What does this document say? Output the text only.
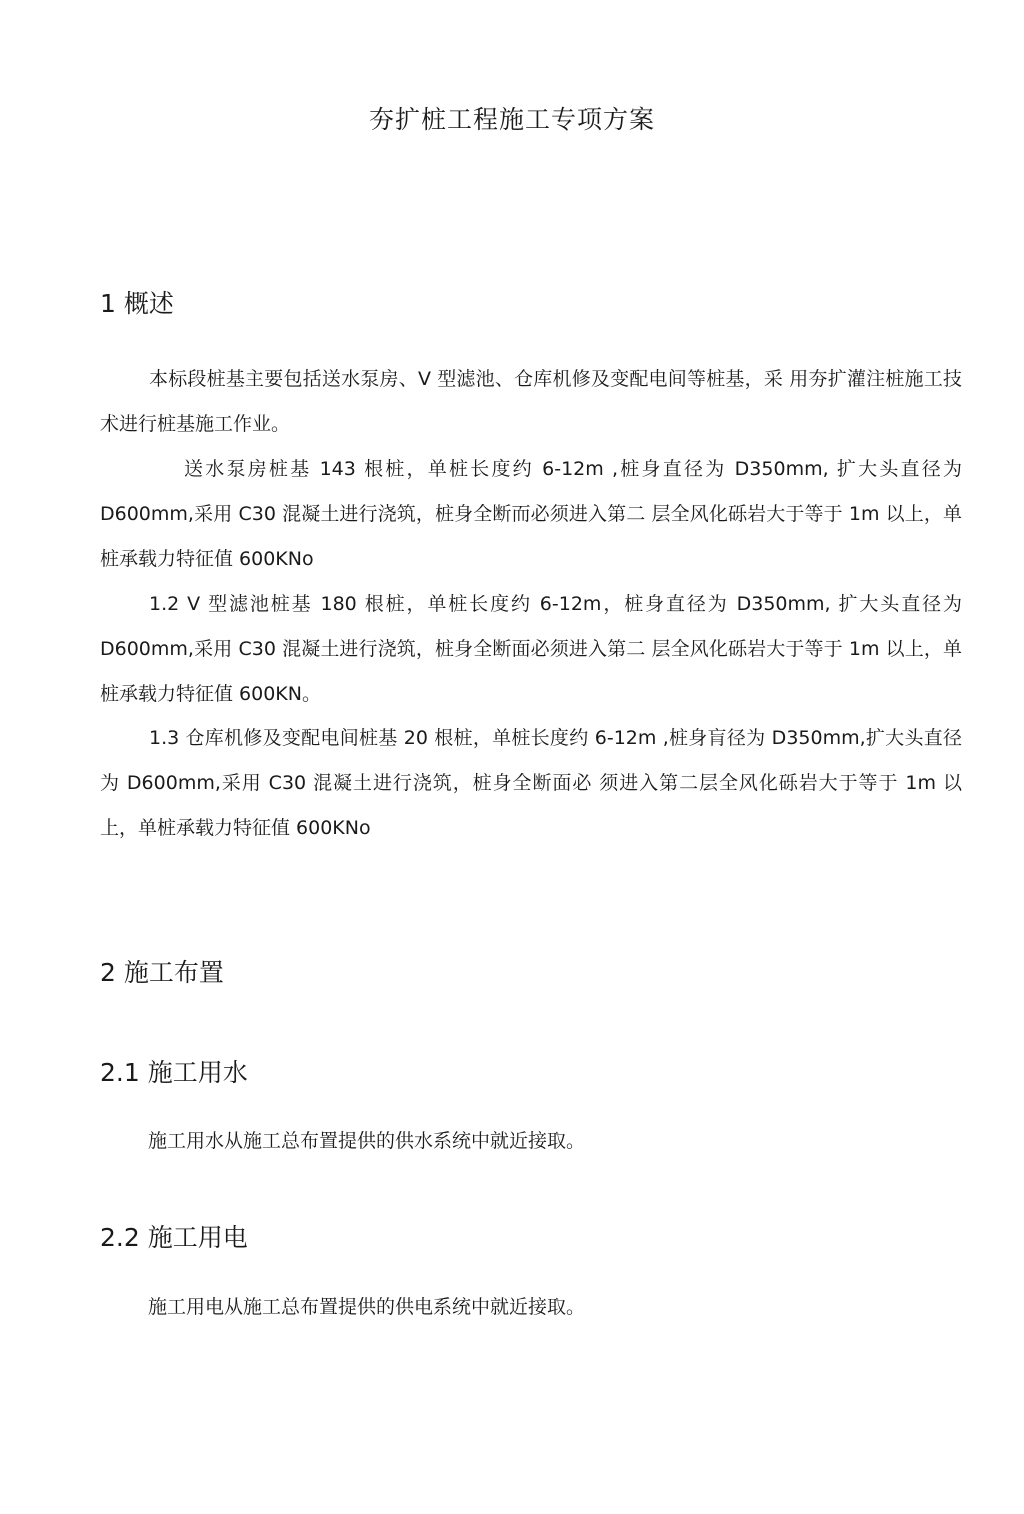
夯扩桩工程施工专项方案
1 概述

本标段桩基主要包括送水泵房、V 型滤池、仓库机修及变配电间等桩基，采 用夯扩灌注桩施工技术进行桩基施工作业。

送水泵房桩基 143 根桩，单桩长度约 6-12m ,桩身直径为 D350mm, 扩大头直径为 D600mm,采用 C30 混凝土进行浇筑，桩身全断而必须进入第二 层全风化砾岩大于等于 1m 以上，单桩承载力特征值 600KNo

1.2 V 型滤池桩基 180 根桩，单桩长度约 6-12m，桩身直径为 D350mm, 扩大头直径为 D600mm,采用 C30 混凝土进行浇筑，桩身全断面必须进入第二 层全风化砾岩大于等于 1m 以上，单桩承载力特征值 600KN。

1.3 仓库机修及变配电间桩基 20 根桩，单桩长度约 6-12m ,桩身肓径为 D350mm,扩大头直径为 D600mm,采用 C30 混凝土进行浇筑，桩身全断面必 须进入第二层全风化砾岩大于等于 1m 以上，单桩承载力特征值 600KNo

2 施工布置
2.1 施工用水

施工用水从施工总布置提供的供水系统中就近接取。

2.2 施工用电

施工用电从施工总布置提供的供电系统中就近接取。
